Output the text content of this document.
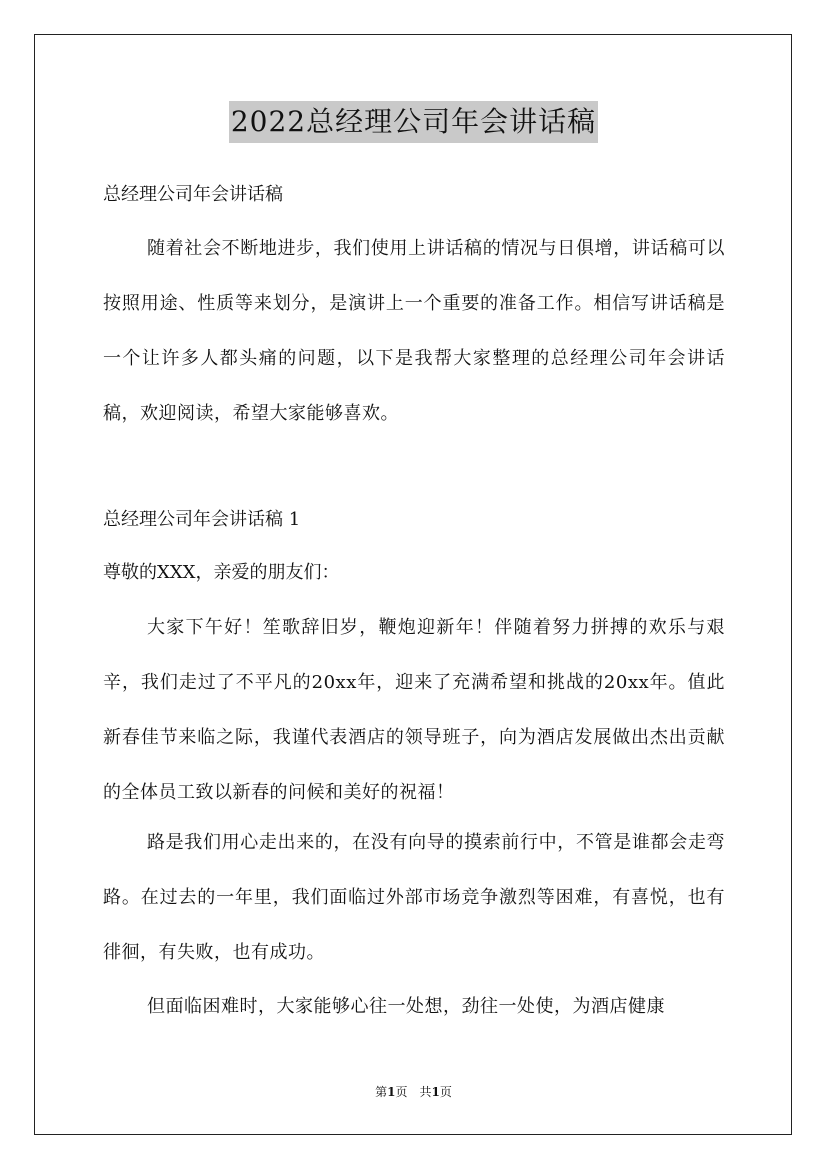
2022总经理公司年会讲话稿
总经理公司年会讲话稿

随着社会不断地进步，我们使用上讲话稿的情况与日俱增，讲话稿可以按照用途、性质等来划分，是演讲上一个重要的准备工作。相信写讲话稿是一个让许多人都头痛的问题，以下是我帮大家整理的总经理公司年会讲话稿，欢迎阅读，希望大家能够喜欢。

总经理公司年会讲话稿 1
尊敬的XXX，亲爱的朋友们：

大家下午好！笙歌辞旧岁，鞭炮迎新年！伴随着努力拼搏的欢乐与艰辛，我们走过了不平凡的20xx年，迎来了充满希望和挑战的20xx年。值此新春佳节来临之际，我谨代表酒店的领导班子，向为酒店发展做出杰出贡献的全体员工致以新春的问候和美好的祝福！

路是我们用心走出来的，在没有向导的摸索前行中，不管是谁都会走弯路。在过去的一年里，我们面临过外部市场竞争激烈等困难，有喜悦，也有徘徊，有失败，也有成功。

但面临困难时，大家能够心往一处想，劲往一处使，为酒店健康

第1页　共1页
